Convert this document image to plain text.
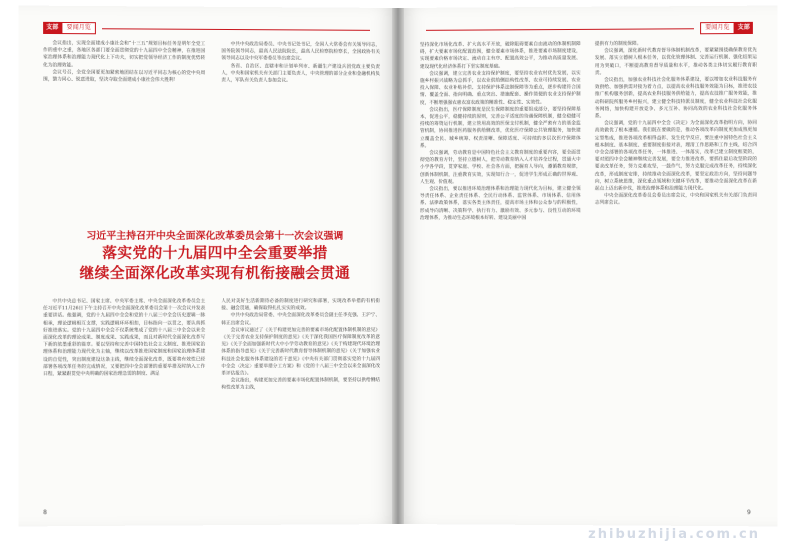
支部	要闻月览

会议指出，实现全面建成小康社会和“十三五”规划目标任务是明年全党工作的重中之重，各地区各部门要全面贯彻党的十九届四中全会精神，在推进国家治理体系和治理能力现代化上下功夫，切实把党领导经济工作的制度优势转化为治理效能。

会议号召，全党全国要更加紧密地团结在以习近平同志为核心的党中央周围，勠力同心、锐意进取，坚决夺取全面建成小康社会伟大胜利！

中共中央政治局委员、中央书记处书记，全国人大常委会有关领导同志，国务院领导同志，最高人民法院院长，最高人民检察院检察长，全国政协有关领导同志以及中央军委委员等出席会议。

各省、自治区、直辖市和计划单列市、新疆生产建设兵团党政主要负责人，中央和国家机关有关部门主要负责人，中央管理的部分企业和金融机构负责人，军队有关负责人参加会议。

习近平主持召开中央全面深化改革委员会第十一次会议强调

落实党的十九届四中全会重要举措

继续全面深化改革实现有机衔接融会贯通

中共中央总书记、国家主席、中央军委主席、中央全面深化改革委员会主任习近平11月26日下午主持召开中央全面深化改革委员会第十一次会议并发表重要讲话。他强调，党的十九届四中全会和党的十八届三中全会历史逻辑一脉相承，理论逻辑相互支撑，实践逻辑环环相扣，目标指向一以贯之，要认真抓好推进落实。党的十九届四中全会不仅系统集成了党的十八届三中全会以来全面深化改革的理论成果、制度成果、实践成果，而且对新时代全面深化改革写下新的浓墨重彩的篇章。要以坚持和完善中国特色社会主义制度、推进国家治理体系和治理能力现代化为主轴，继续以改革推进国家制度和国家治理体系建设的自觉性，突出制度建设这条主线，继续全面深化改革，既要将有效性已经部署各项改革任务的完成情况，又要把四中全会部署的重要举措及时纳入工作日程，紧紧跟贯党中央明确的国家治理急需的制度、满足

人民对美好生活新期待必备的制度进行研究和部署，实现改革举措的有机衔接、融会贯通，确保取得扎扎实实的成效。

中共中央政治局常委、中央全面深化改革委员会副主任李克强、王沪宁、韩正出席会议。

会议审议通过了《关于构建更加完善的要素市场化配置体制机制的意见》《关于完善农业支持保护制度的意见》《关于深化我国医疗保障制度改革的意见》《关于全面加强新时代大中小学劳动教育的意见》《关于构建现代环境治理体系的指导意见》《关于完善新时代教育督导体制机制的意见》《关于加强农业科技社会化服务体系建设的若干意见》《中央有关部门贯彻落实党的十九届四中全会〈决定〉重要举措分工方案》和《党的十八届三中全会以来全面深化改革评估报告》。

会议指出，构建更加完善的要素市场化配置体制机制，要坚持以供给侧结构性改革为主线，

8
要闻月览	支部

坚持深化市场化改革、扩大高水平开放，破除阻碍要素自由流动的体制机制障碍，扩大要素市场化配置范围，健全要素市场体系，推进要素市场制度建设，实现要素价格市场决定、流动自主有序、配置高效公平，为推动高质量发展、建设现代化经济体系打下坚实制度基础。

会议强调，建立完善农业支持保护制度，要坚持农业农村优先发展，以实施乡村振兴战略为总抓手，以农业供给侧结构性改革、农业可持续发展、农业投入保障、农业补贴补偿、支持保护体系法制保障等为重点，逐步构建符合国情、覆盖全面、指向明确、重点突出、措施配套、操作简便的农业支持保护制度，不断增强强农惠农富农政策的精准性、稳定性、实效性。

会议指出，医疗保障制度是民生保障制度的重要组成部分，要坚持保障基本，促进公平，稳健持续的原则，完善公平适度的待遇保障机制，健全稳健可持续的筹资运行机制，建立管用高效的医保支付机制，健全严密有力的基金监管机制，协同推进医药服务供给侧改革，优化医疗保障公共管理服务，加快建立覆盖全民、城乡统筹、权责清晰、保障适度、可持续的多层次医疗保障体系。

会议强调，劳动教育是中国特色社会主义教育制度的重要内容，要全面贯彻党的教育方针，坚持立德树人，把劳动教育纳入人才培养全过程，贯通大中小学各学段，贯穿家庭、学校、社会各方面，把握育人导向，遵循教育规律，创新体制机制，注重教育实效，实现知行合一，促进学生形成正确的世界观、人生观、价值观。

会议指出，要以推进环境治理体系和治理能力现代化为目标，建立健全领导责任体系、企业责任体系、全民行动体系、监管体系、市场体系、信用体系、法律政策体系，落实各类主体责任，提高市场主体和公众参与的积极性，形成导向清晰、决策科学、执行有力、激励有效、多元参与、良性互动的环境治理体系，为推动生态环境根本好转、建设美丽中国

提供有力的制度保障。

会议强调，深化新时代教育督导体制机制改革，要紧紧围绕确保教育优先发展、落实立德树人根本任务，以优化管理体制、完善运行机制、强化结果运用为突破口，不断提高教育督导质量和水平，推动各类主体切实履行教育职责。

会议指出，加强农业科技社会化服务体系建设，要以增加农业科技服务有效供给、加强供需对接为着力点，以提高农业科技服务效能为目标，推进农技推广机构服务创新，提高农业科技服务供给能力，提高农技推广服务效能，推动科研院所服务乡村振兴，建立健全科技特派员制度，健全农业科技社会化服务网络，加快构建开放竞争、多元互补、协同高效的农业科技社会化服务体系。

会议强调，党的十九届四中全会《决定》为全面深化改革指明方向，协同高效做优了根本遵循。我们既在要做的是，推动各项改革向制度更加成熟更加定型集成，推进各项改革相得益彰、发生化学反应，要注重中国特色社会主义根本制度、基本制度、重要制度衔接对表，理清工作思路和工作主线，结合四中全会部署的各项改革任务，一体推进、一体落实，改革已建立制度框架的，要对照四中全会精神继续完善发展，要全力推进改革，要抓住最后攻坚阶段的要求改革任务，努力克难攻坚，一鼓作气，努力克服完成改革任务，持续深化改革，形成制度安排，持续推动全面深化改革，要坚定政治方向，坚持问题导向，树立系统思维，深化重点领域和关键环节改革，要推动全面深化改革在新起点上迈出新步伐，推进治理体系和治理能力现代化。

中央全面深化改革委员会委员出席会议，中央和国家机关有关部门负责同志列席会议。

9
zhibuzhijia.com.cn
